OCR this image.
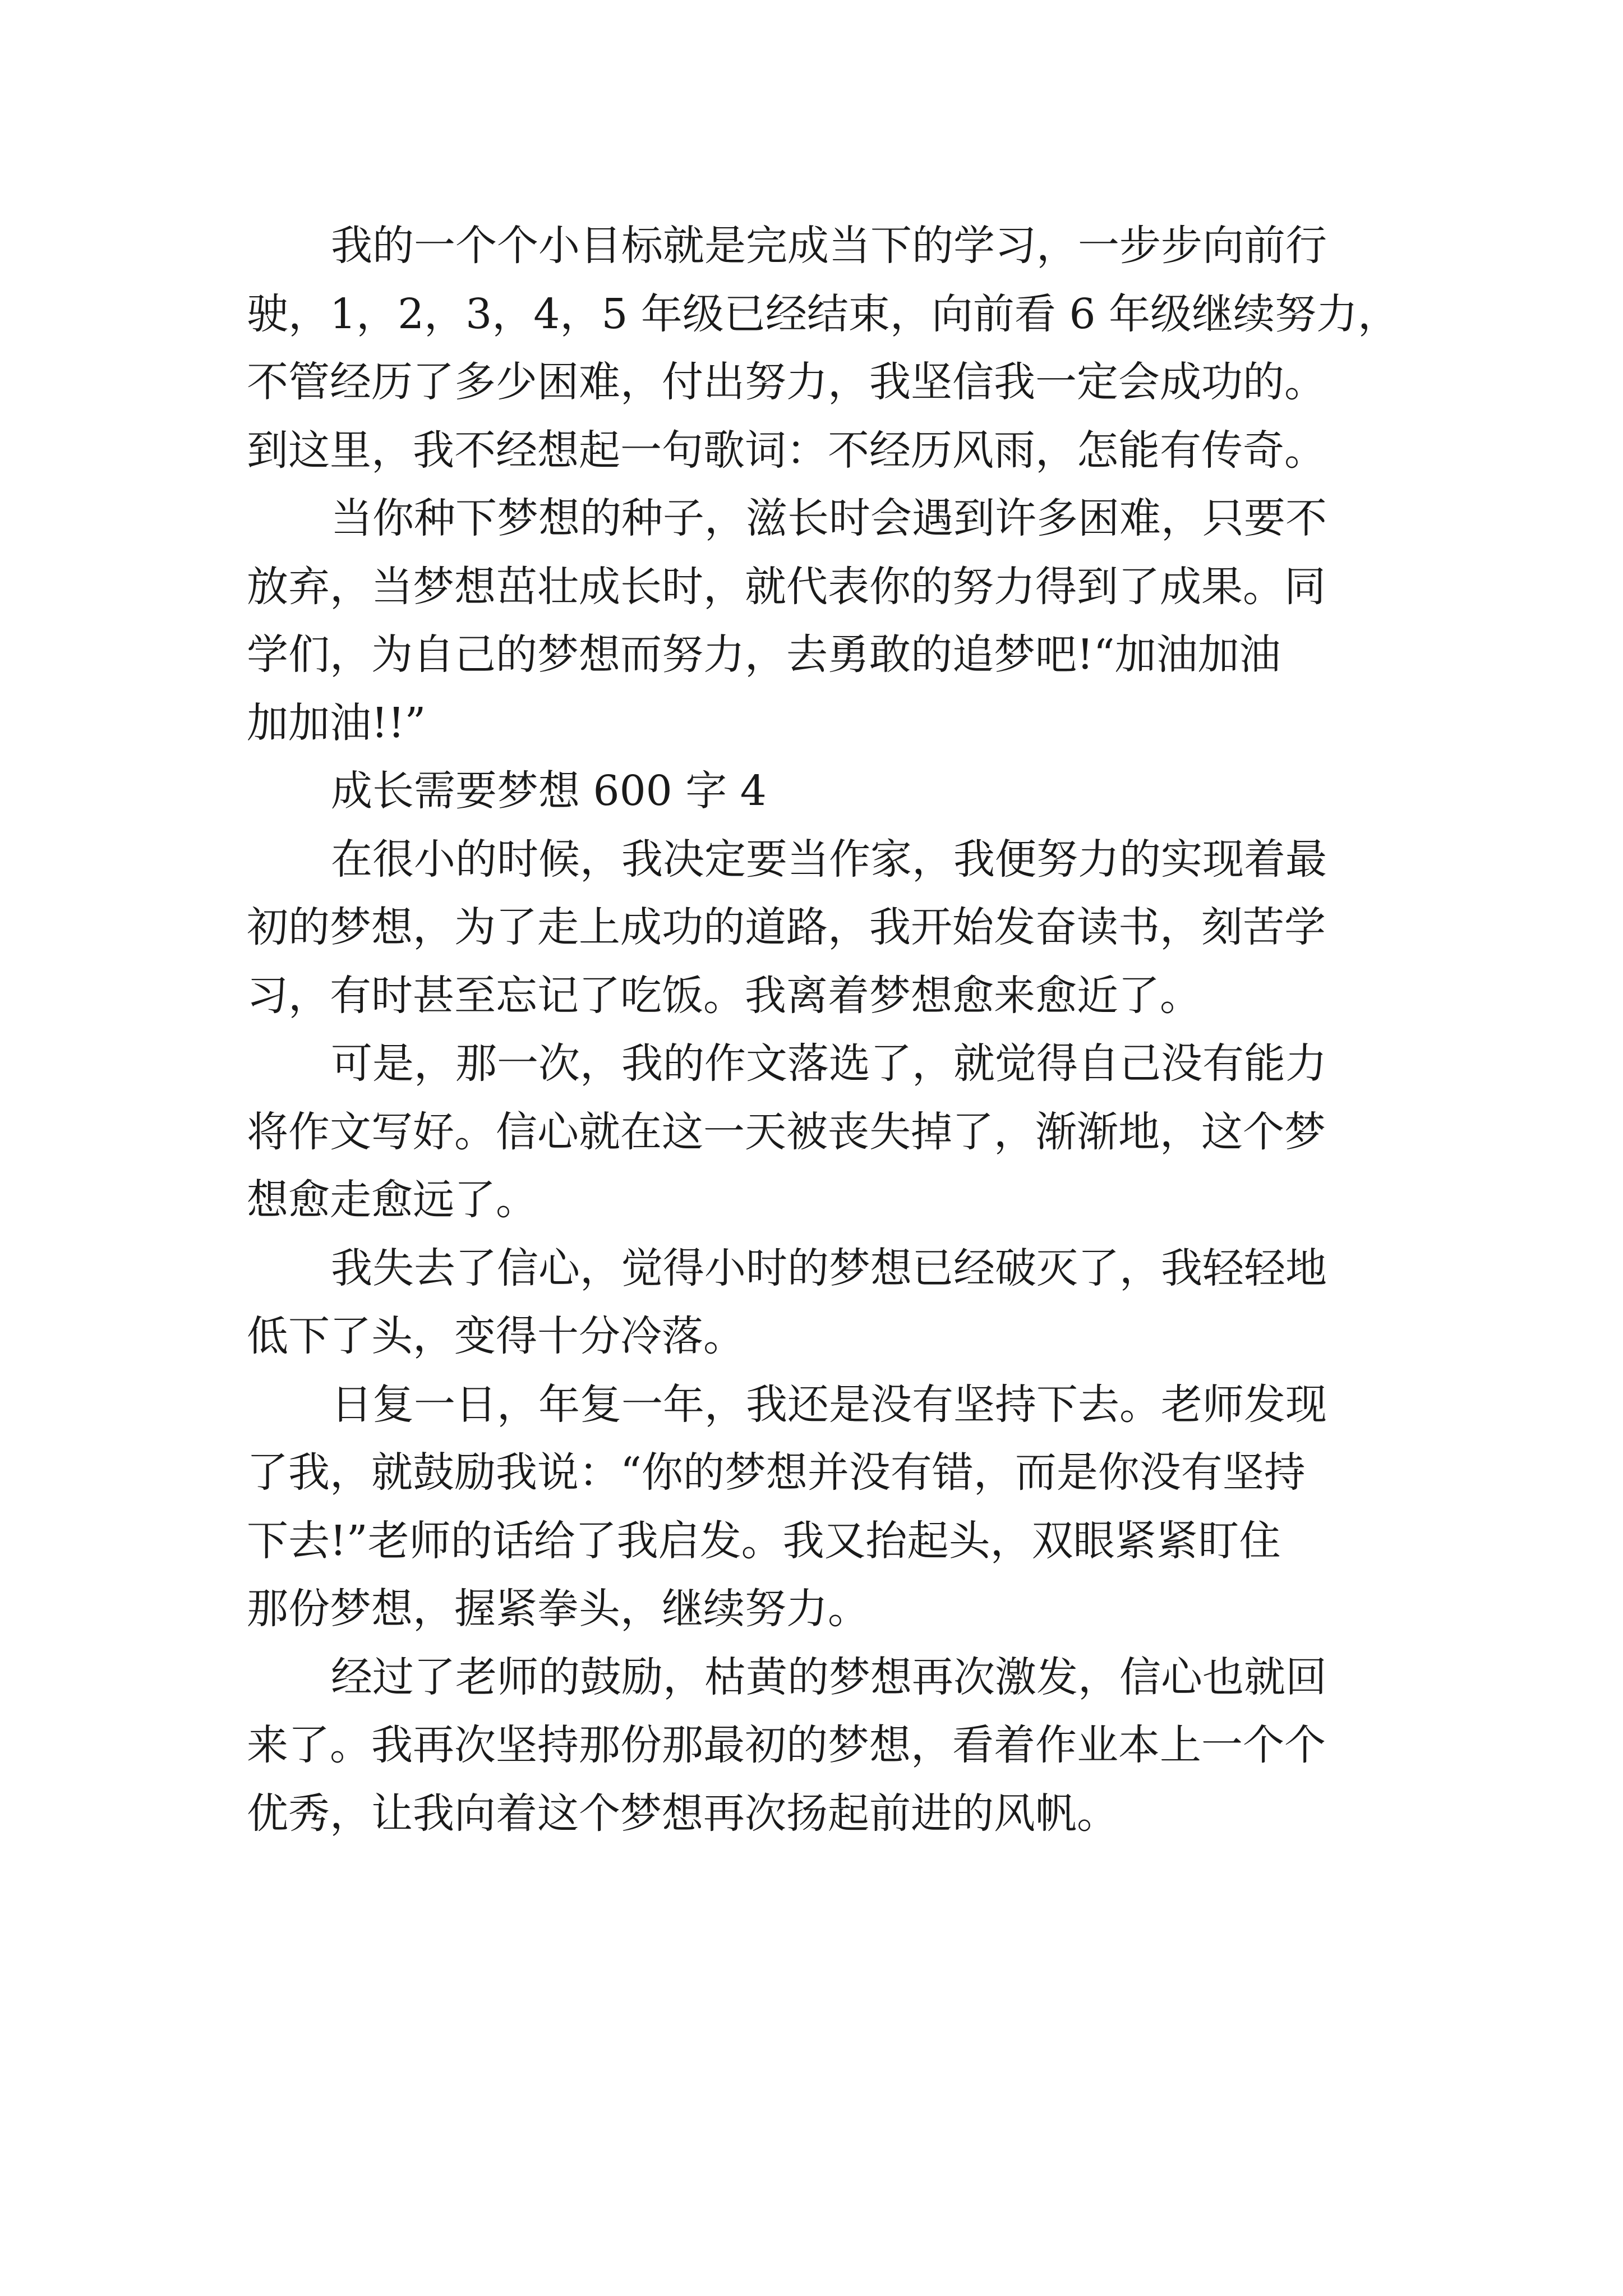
我的一个个小目标就是完成当下的学习，一步步向前行
驶，1，2，3，4，5 年级已经结束，向前看 6 年级继续努力，
不管经历了多少困难，付出努力，我坚信我一定会成功的。
到这里，我不经想起一句歌词：不经历风雨，怎能有传奇。
当你种下梦想的种子，滋长时会遇到许多困难，只要不
放弃，当梦想茁壮成长时，就代表你的努力得到了成果。同
学们，为自己的梦想而努力，去勇敢的追梦吧!“加油加油
加加油!!”
成长需要梦想 600 字 4
在很小的时候，我决定要当作家，我便努力的实现着最
初的梦想，为了走上成功的道路，我开始发奋读书，刻苦学
习，有时甚至忘记了吃饭。我离着梦想愈来愈近了。
可是，那一次，我的作文落选了，就觉得自己没有能力
将作文写好。信心就在这一天被丧失掉了，渐渐地，这个梦
想愈走愈远了。
我失去了信心，觉得小时的梦想已经破灭了，我轻轻地
低下了头，变得十分冷落。
日复一日，年复一年，我还是没有坚持下去。老师发现
了我，就鼓励我说：“你的梦想并没有错，而是你没有坚持
下去!”老师的话给了我启发。我又抬起头，双眼紧紧盯住
那份梦想，握紧拳头，继续努力。
经过了老师的鼓励，枯黄的梦想再次激发，信心也就回
来了。我再次坚持那份那最初的梦想，看着作业本上一个个
优秀，让我向着这个梦想再次扬起前进的风帆。
